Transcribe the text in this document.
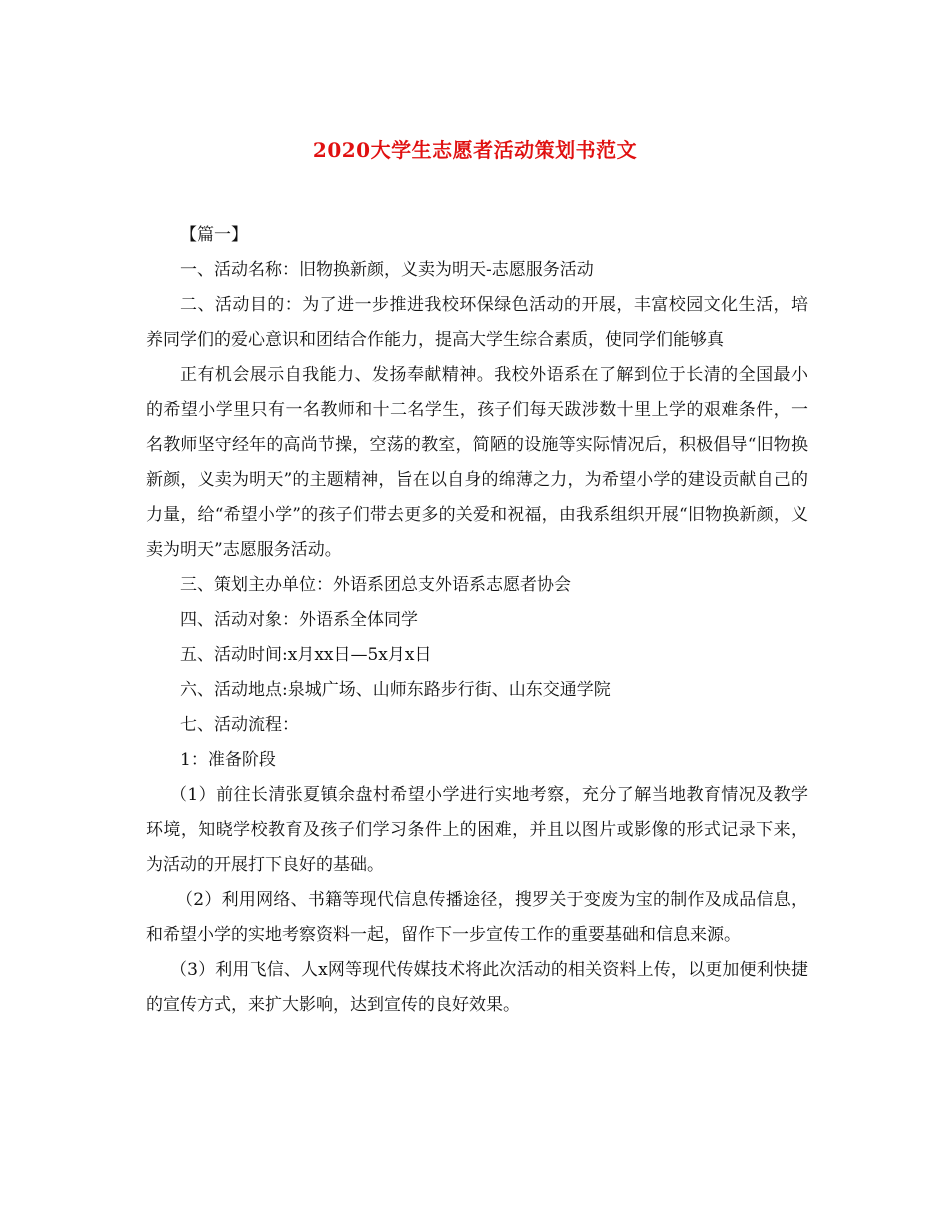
2020大学生志愿者活动策划书范文

【篇一】

一、活动名称：旧物换新颜，义卖为明天-志愿服务活动

二、活动目的：为了进一步推进我校环保绿色活动的开展，丰富校园文化生活，培养同学们的爱心意识和团结合作能力，提高大学生综合素质，使同学们能够真

正有机会展示自我能力、发扬奉献精神。我校外语系在了解到位于长清的全国最小的希望小学里只有一名教师和十二名学生，孩子们每天跋涉数十里上学的艰难条件，一名教师坚守经年的高尚节操，空荡的教室，简陋的设施等实际情况后，积极倡导“旧物换新颜，义卖为明天”的主题精神，旨在以自身的绵薄之力，为希望小学的建设贡献自己的力量，给“希望小学”的孩子们带去更多的关爱和祝福，由我系组织开展“旧物换新颜，义卖为明天”志愿服务活动。

三、策划主办单位：外语系团总支外语系志愿者协会

四、活动对象：外语系全体同学

五、活动时间:x月xx日—5x月x日

六、活动地点:泉城广场、山师东路步行街、山东交通学院

七、活动流程：

1：准备阶段

（1）前往长清张夏镇余盘村希望小学进行实地考察，充分了解当地教育情况及教学环境，知晓学校教育及孩子们学习条件上的困难，并且以图片或影像的形式记录下来，为活动的开展打下良好的基础。

（2）利用网络、书籍等现代信息传播途径，搜罗关于变废为宝的制作及成品信息，和希望小学的实地考察资料一起，留作下一步宣传工作的重要基础和信息来源。

（3）利用飞信、人x网等现代传媒技术将此次活动的相关资料上传，以更加便利快捷的宣传方式，来扩大影响，达到宣传的良好效果。
